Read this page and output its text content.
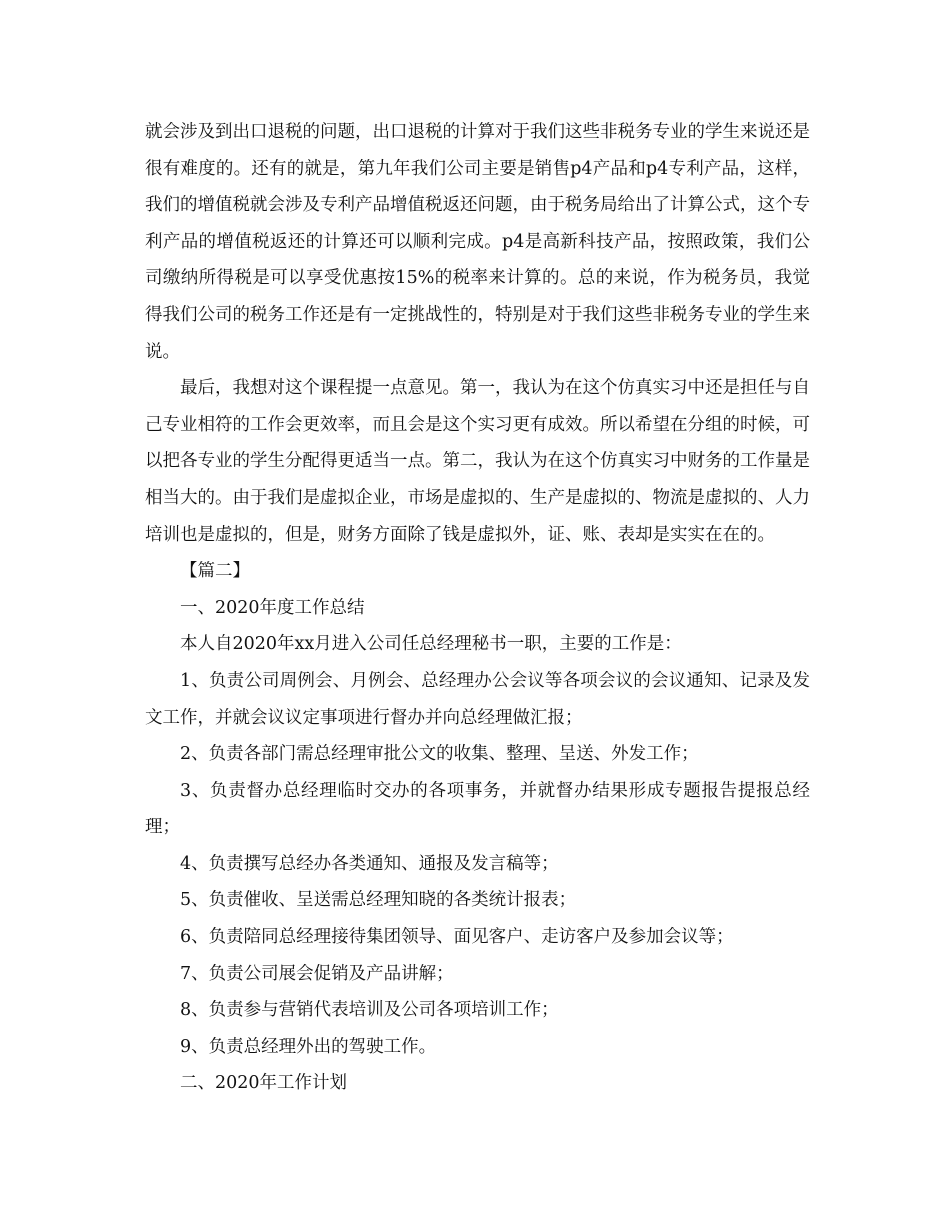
就会涉及到出口退税的问题，出口退税的计算对于我们这些非税务专业的学生来说还是很有难度的。还有的就是，第九年我们公司主要是销售p4产品和p4专利产品，这样，我们的增值税就会涉及专利产品增值税返还问题，由于税务局给出了计算公式，这个专利产品的增值税返还的计算还可以顺利完成。p4是高新科技产品，按照政策，我们公司缴纳所得税是可以享受优惠按15%的税率来计算的。总的来说，作为税务员，我觉得我们公司的税务工作还是有一定挑战性的，特别是对于我们这些非税务专业的学生来说。

最后，我想对这个课程提一点意见。第一，我认为在这个仿真实习中还是担任与自己专业相符的工作会更效率，而且会是这个实习更有成效。所以希望在分组的时候，可以把各专业的学生分配得更适当一点。第二，我认为在这个仿真实习中财务的工作量是相当大的。由于我们是虚拟企业，市场是虚拟的、生产是虚拟的、物流是虚拟的、人力培训也是虚拟的，但是，财务方面除了钱是虚拟外，证、账、表却是实实在在的。

【篇二】

一、2020年度工作总结

本人自2020年xx月进入公司任总经理秘书一职，主要的工作是：

1、负责公司周例会、月例会、总经理办公会议等各项会议的会议通知、记录及发文工作，并就会议议定事项进行督办并向总经理做汇报；

2、负责各部门需总经理审批公文的收集、整理、呈送、外发工作；

3、负责督办总经理临时交办的各项事务，并就督办结果形成专题报告提报总经理；

4、负责撰写总经办各类通知、通报及发言稿等；

5、负责催收、呈送需总经理知晓的各类统计报表；

6、负责陪同总经理接待集团领导、面见客户、走访客户及参加会议等；

7、负责公司展会促销及产品讲解；

8、负责参与营销代表培训及公司各项培训工作；

9、负责总经理外出的驾驶工作。

二、2020年工作计划
